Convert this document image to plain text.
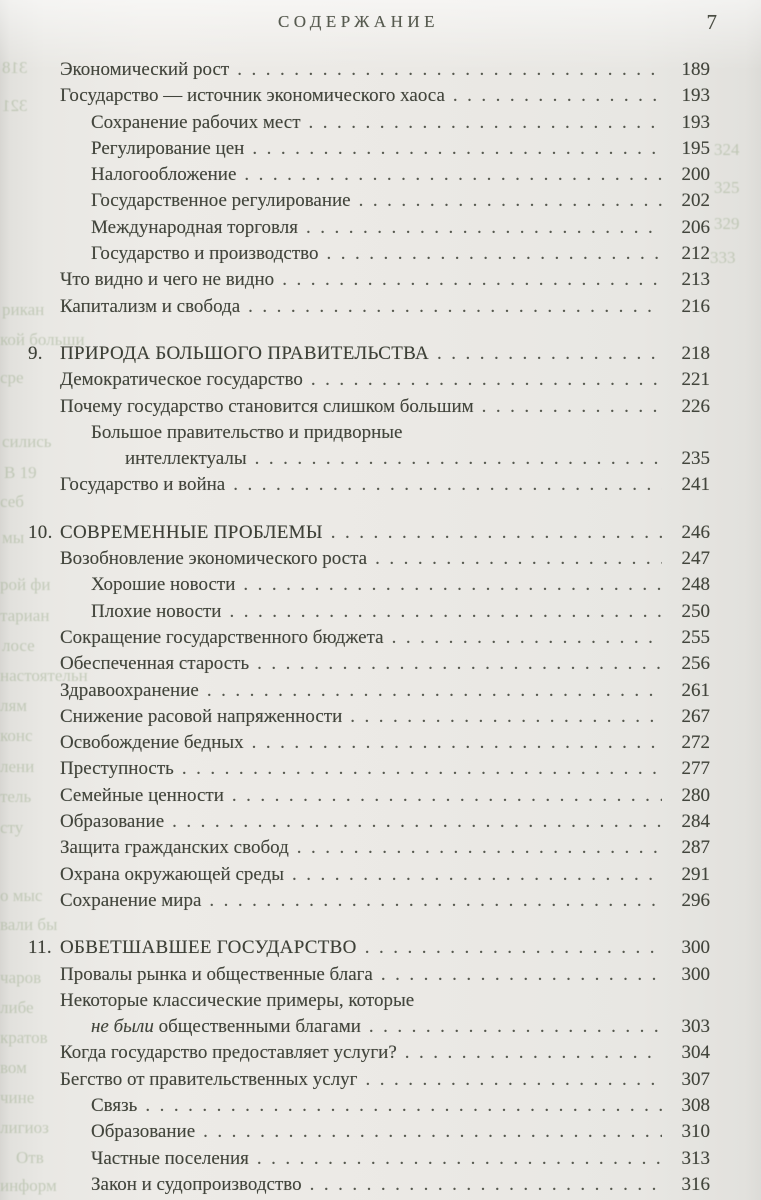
318
321
324
325
329
333
рикан
кой больши
сре
сились
В 19
себ
мы
рой фи
тариан
лосе
настоятельн
лям
конс
лени
тель
сту
о мыс
вали бы
чаров
либе
кратов
вом
чине
лигиоз
Отв
информ
СОДЕРЖАНИЕ	7
Экономический рост .....	189
Государство — источник экономического хаоса .....	193
Сохранение рабочих мест .....	193
Регулирование цен .....	195
Налогообложение .....	200
Государственное регулирование .....	202
Международная торговля .....	206
Государство и производство .....	212
Что видно и чего не видно .....	213
Капитализм и свобода .....	216
9. ПРИРОДА БОЛЬШОГО ПРАВИТЕЛЬСТВА .....	218
Демократическое государство .....	221
Почему государство становится слишком большим .....	226
Большое правительство и придворные
интеллектуалы .....	235
Государство и война .....	241
10. СОВРЕМЕННЫЕ ПРОБЛЕМЫ .....	246
Возобновление экономического роста .....	247
Хорошие новости .....	248
Плохие новости .....	250
Сокращение государственного бюджета .....	255
Обеспеченная старость .....	256
Здравоохранение .....	261
Снижение расовой напряженности .....	267
Освобождение бедных .....	272
Преступность .....	277
Семейные ценности .....	280
Образование .....	284
Защита гражданских свобод .....	287
Охрана окружающей среды .....	291
Сохранение мира .....	296
11. ОБВЕТШАВШЕЕ ГОСУДАРСТВО .....	300
Провалы рынка и общественные блага .....	300
Некоторые классические примеры, которые
не были общественными благами .....	303
Когда государство предоставляет услуги? .....	304
Бегство от правительственных услуг .....	307
Связь .....	308
Образование .....	310
Частные поселения .....	313
Закон и судопроизводство .....	316
